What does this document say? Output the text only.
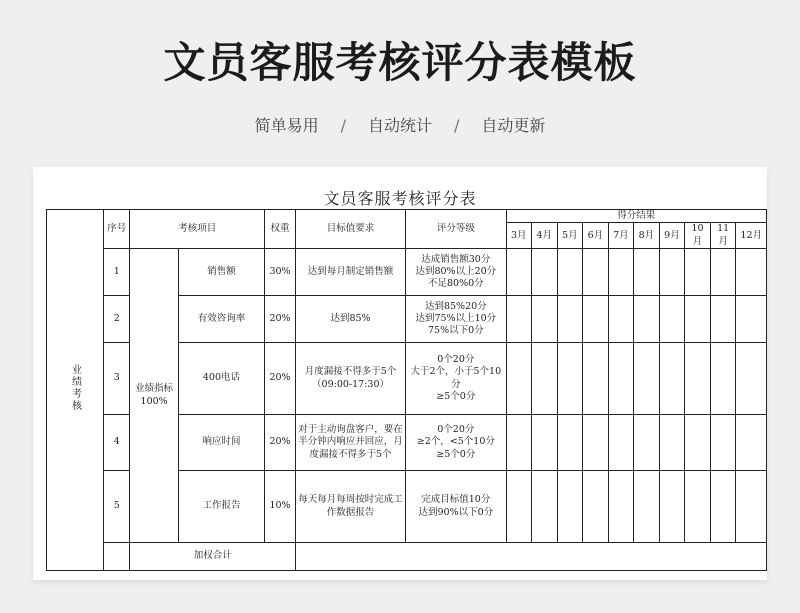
文员客服考核评分表模板
简单易用 / 自动统计 / 自动更新
文员客服考核评分表
业绩考核	序号	考核项目		权重	目标值要求	评分等级	得分结果									
							3月	4月	5月	6月	7月	8月	9月	10月	11月	12月
	1	业绩指标100%	销售额	30%	达到每月制定销售额	达成销售额30分
达到80%以上20分
不足80%0分										

	2		有效咨询率	20%	达到85%	达到85%20分
达到75%以上10分
75%以下0分										

	3		400电话	20%	月度漏接不得多于5个（09:00-17:30）	0个20分
大于2个，小于5个10分
≥5个0分										

	4		响应时间	20%	对于主动询盘客户，要在半分钟内响应并回应，月度漏接不得多于5个	0个20分
≥2个，<5个10分
≥5个0分										

	5		工作报告	10%	每天每月每周按时完成工作数据报告	完成目标值10分
达到90%以下0分										

		加权合计														
